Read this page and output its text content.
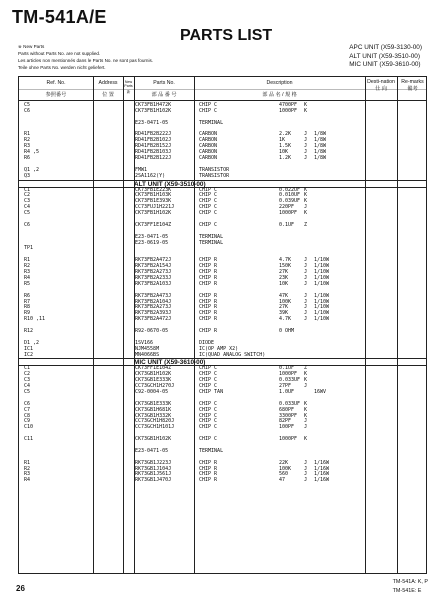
TM-541A/E
PARTS LIST
※ New Parts
Parts without Parts No. are not supplied.
Les articles non mentionnés dans le Parts No. ne sont pas fournis.
Teile ohne Parts No. werden nicht geliefert.
APC UNIT (X59-3130-00)
ALT UNIT (X59-3510-00)
MIC UNIT (X59-3610-00)
Ref. No.
参照番号
Address
位 置
New Parts
新
Parts No.
部 品 番 号
Description
部 品 名 / 規 格
Desti-nation
仕 向
Re-marks
備考
C5	CK73FB1H472K	CHIP C	4700PF K
C6	CK73FB1H102K	CHIP C	1000PF K
E23-0471-05	TERMINAL
R1	RD41FB2B222J	CARBON	2.2K	J 1/8W
R2	RD41FB2B102J	CARBON	1K	J 1/8W
R3	RD41FB2B152J	CARBON	1.5K	J 1/8W
R4 ,5	RD41FB2B103J	CARBON	10K	J 1/8W
R6	RD41FB2B122J	CARBON	1.2K	J 1/8W
Q1 ,2	FMW1	TRANSISTOR
Q3	2SA1162(Y)	TRANSISTOR
ALT UNIT (X59-3510-00)
C1	CK73FB1E223K	CHIP C	0.022UF K
C2	CK73FB1H103K	CHIP C	0.010UF K
C3	CK73FB1E393K	CHIP C	0.039UF K
C4	CC73FUJ1H221J	CHIP C	220PF J
C5	CK73FB1H102K	CHIP C	1000PF K
C6	CK73FF1E104Z	CHIP C	0.1UF Z
E23-0471-05	TERMINAL
E23-0619-05	TERMINAL
TP1
R1	RK73FB2A472J	CHIP R	4.7K	J 1/10W
R2	RK73FB2A154J	CHIP R	150K	J 1/10W
R3	RK73FB2A273J	CHIP R	27K	J 1/10W
R4	RK73FB2A233J	CHIP R	23K	J 1/10W
R5	RK73FB2A103J	CHIP R	10K	J 1/10W
R6	RK73FB2A473J	CHIP R	47K	J 1/10W
R7	RK73FB2A104J	CHIP R	100K	J 1/10W
R8	RK73FB2A273J	CHIP R	27K	J 1/10W
R9	RK73FB2A393J	CHIP R	39K	J 1/10W
R10 ,11	RK73FB2A472J	CHIP R	4.7K	J 1/10W
R12	R92-0670-05	CHIP R	0 OHM
D1 ,2	1SV166	DIODE
IC1	NJM4558M	IC(OP AMP X2)
IC2	MN4066BS	IC(QUAD ANALOG SWITCH)
MIC UNIT (X59-3610-00)
C1	CK73FF1E104Z	CHIP C	0.1UF Z
C2	CK73GB1H102K	CHIP C	1000PF K
C3	CK73GB1E333K	CHIP C	0.033UF K
C4	CC73GCH1H270J	CHIP C	27PF	J
C5	C92-0004-05	CHIP TAN	1.0UF	16WV
C6	CK73GB1E333K	CHIP C	0.033UF K
C7	CK73GB1H681K	CHIP C	680PF K
C8	CK73GB1H332K	CHIP C	3300PF K
C9	CC73GCH1H820J	CHIP C	82PF	J
C10	CC73GCH1H101J	CHIP C	100PF J
C11	CK73GB1H102K	CHIP C	1000PF K
E23-0471-05	TERMINAL
R1	RK73GB1J223J	CHIP R	22K	J 1/16W
R2	RK73GB1J104J	CHIP R	100K	J 1/16W
R3	RK73GB1J561J	CHIP R	560	J 1/16W
R4	RK73GB1J470J	CHIP R	47	J 1/16W
TM-541A: K, P
TM-541E: E
26
